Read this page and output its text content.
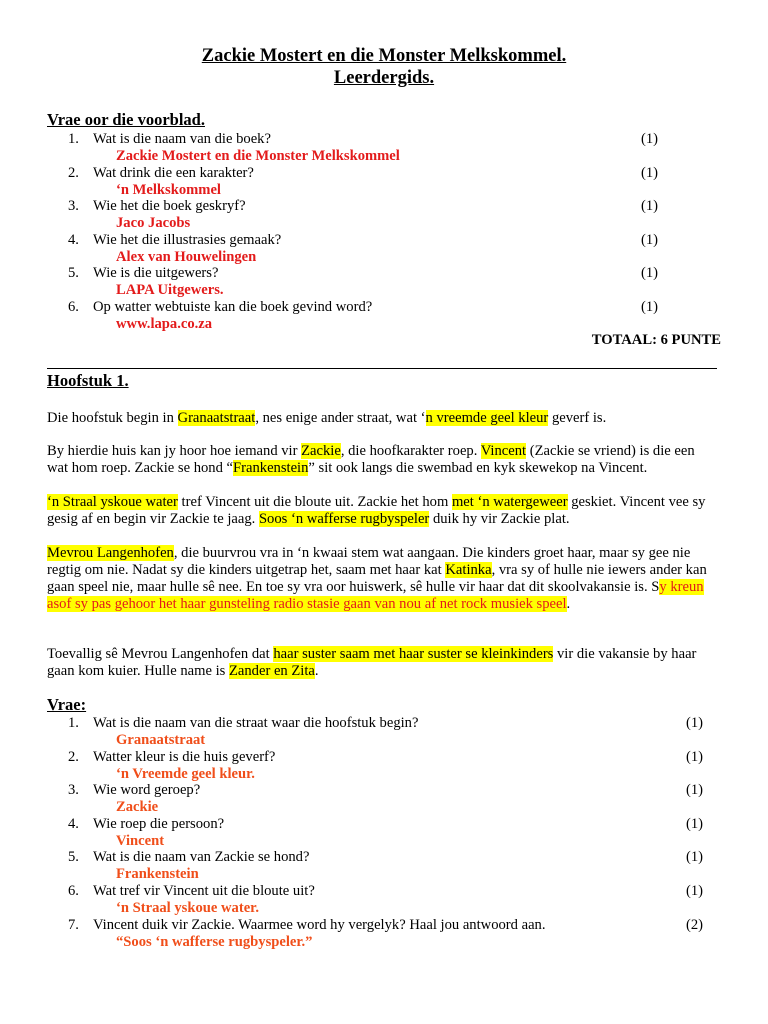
Zackie Mostert en die Monster Melkskommel.
Leerdergids.
Vrae oor die voorblad.
1. Wat is die naam van die boek?	(1)
Zackie Mostert en die Monster Melkskommel
2. Wat drink die een karakter?	(1)
‘n Melkskommel
3. Wie het die boek geskryf?	(1)
Jaco Jacobs
4. Wie het die illustrasies gemaak?	(1)
Alex van Houwelingen
5. Wie is die uitgewers?	(1)
LAPA Uitgewers.
6. Op watter webtuiste kan die boek gevind word?	(1)
www.lapa.co.za
TOTAAL: 6 PUNTE
Hoofstuk 1.

Die hoofstuk begin in Granaatstraat, nes enige ander straat, wat ‘n vreemde geel kleur geverf is.

By hierdie huis kan jy hoor hoe iemand vir Zackie, die hoofkarakter roep. Vincent (Zackie se vriend) is die een wat hom roep. Zackie se hond “Frankenstein” sit ook langs die swembad en kyk skewekop na Vincent.

‘n Straal yskoue water tref Vincent uit die bloute uit. Zackie het hom met ‘n watergeweer geskiet. Vincent vee sy gesig af en begin vir Zackie te jaag. Soos ‘n wafferse rugbyspeler duik hy vir Zackie plat.

Mevrou Langenhofen, die buurvrou vra in ‘n kwaai stem wat aangaan. Die kinders groet haar, maar sy gee nie regtig om nie. Nadat sy die kinders uitgetrap het, saam met haar kat Katinka, vra sy of hulle nie iewers ander kan gaan speel nie, maar hulle sê nee. En toe sy vra oor huiswerk, sê hulle vir haar dat dit skoolvakansie is. Sy kreun asof sy pas gehoor het haar gunsteling radio stasie gaan van nou af net rock musiek speel.

Toevallig sê Mevrou Langenhofen dat haar suster saam met haar suster se kleinkinders vir die vakansie by haar gaan kom kuier. Hulle name is Zander en Zita.

Vrae:
1. Wat is die naam van die straat waar die hoofstuk begin?	(1)
Granaatstraat
2. Watter kleur is die huis geverf?	(1)
‘n Vreemde geel kleur.
3. Wie word geroep?	(1)
Zackie
4. Wie roep die persoon?	(1)
Vincent
5. Wat is die naam van Zackie se hond?	(1)
Frankenstein
6. Wat tref vir Vincent uit die bloute uit?	(1)
‘n Straal yskoue water.
7. Vincent duik vir Zackie. Waarmee word hy vergelyk? Haal jou antwoord aan.	(2)
“Soos ‘n wafferse rugbyspeler.”
